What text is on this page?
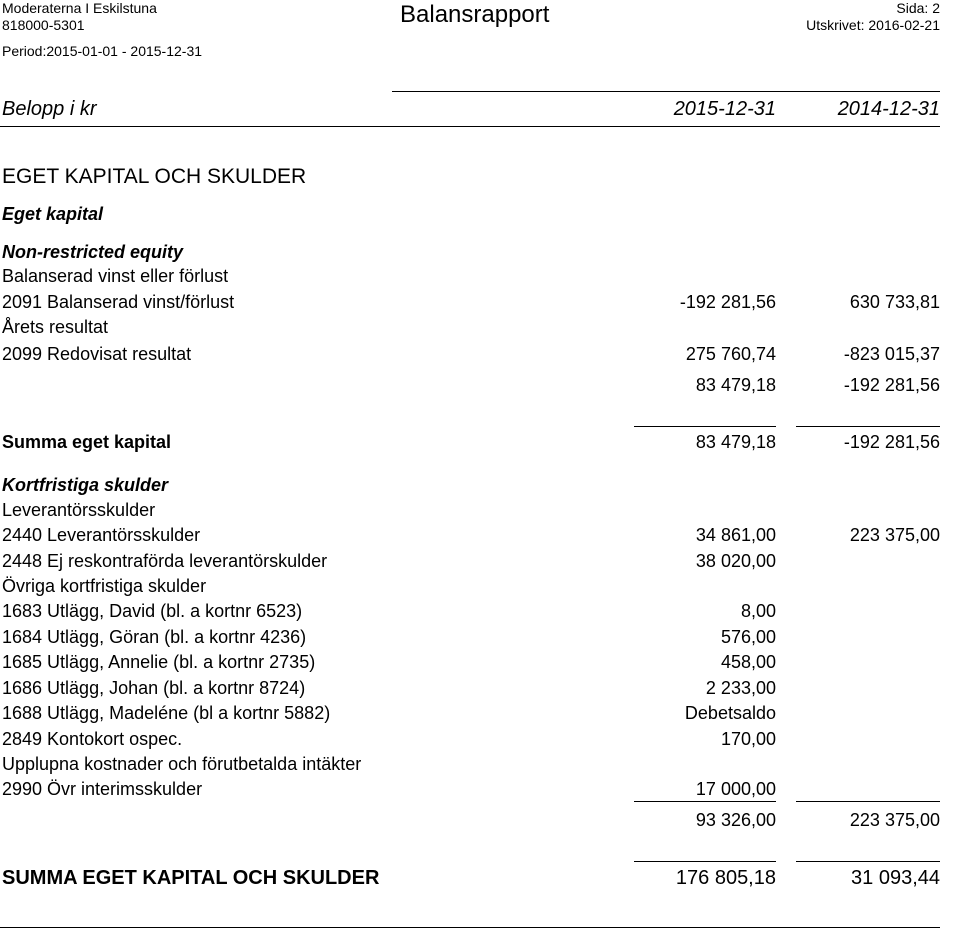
Moderaterna I Eskilstuna
818000-5301	Balansrapport	Sida: 2
Utskrivet: 2016-02-21
Period:2015-01-01 - 2015-12-31
Belopp i kr	2015-12-31	2014-12-31
EGET KAPITAL OCH SKULDER
Eget kapital
Non-restricted equity
Balanserad vinst eller förlust
2091 Balanserad vinst/förlust	-192 281,56	630 733,81
Årets resultat
2099 Redovisat resultat	275 760,74	-823 015,37
83 479,18	-192 281,56
Summa eget kapital	83 479,18	-192 281,56
Kortfristiga skulder
Leverantörsskulder
2440 Leverantörsskulder	34 861,00	223 375,00
2448 Ej reskontraförda leverantörskulder	38 020,00
Övriga kortfristiga skulder
1683 Utlägg, David (bl. a kortnr 6523)	8,00
1684 Utlägg, Göran (bl. a kortnr 4236)	576,00
1685 Utlägg, Annelie (bl. a kortnr 2735)	458,00
1686 Utlägg, Johan (bl. a kortnr 8724)	2 233,00
1688 Utlägg, Madeléne (bl a kortnr 5882)	Debetsaldo
2849 Kontokort ospec.	170,00
Upplupna kostnader och förutbetalda intäkter
2990 Övr interimsskulder	17 000,00
93 326,00	223 375,00
SUMMA EGET KAPITAL OCH SKULDER	176 805,18	31 093,44
